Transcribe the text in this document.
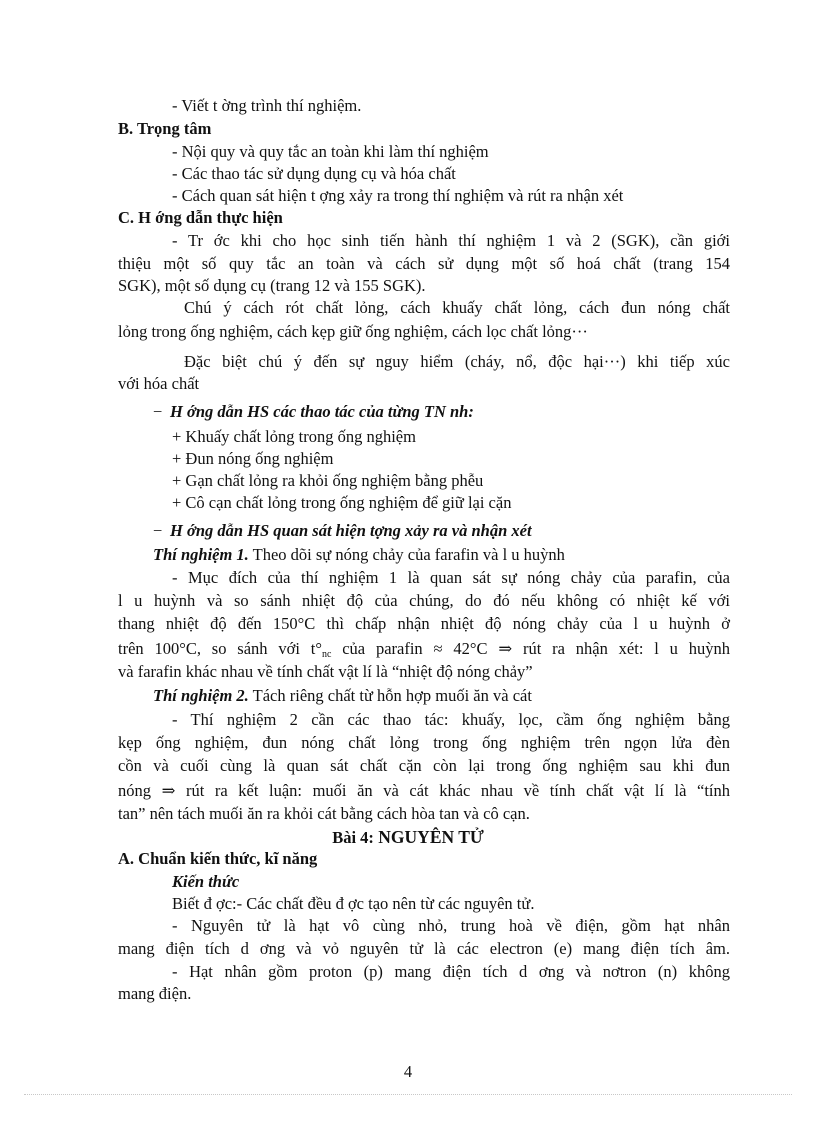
- Viết t ờng trình thí nghiệm.
B. Trọng tâm
- Nội quy và quy tắc an toàn khi làm thí nghiệm
- Các thao tác sử dụng dụng cụ và hóa chất
- Cách quan sát hiện t ợng xảy ra trong thí nghiệm và rút ra nhận xét
C. H ớng dẫn thực hiện
- Tr ớc khi cho học sinh tiến hành thí nghiệm 1 và 2 (SGK), cần giới
thiệu một số quy tắc an toàn và cách sử dụng một số hoá chất (trang 154
SGK), một số dụng cụ (trang 12 và 155 SGK).
Chú ý cách rót chất lỏng, cách khuấy chất lỏng, cách đun nóng chất
lỏng trong ống nghiệm, cách kẹp giữ ống nghiệm, cách lọc chất lỏng···
Đặc biệt chú ý đến sự nguy hiểm (cháy, nổ, độc hại···) khi tiếp xúc
với hóa chất
− H ớng dẫn HS các thao tác của từng TN nh:
+ Khuấy chất lỏng trong ống nghiệm
+ Đun nóng ống nghiệm
+ Gạn chất lỏng ra khỏi ống nghiệm bằng phễu
+ Cô cạn chất lỏng trong ống nghiệm để giữ lại cặn
− H ớng dẫn HS quan sát hiện tợng xảy ra và nhận xét
Thí nghiệm 1. Theo dõi sự nóng chảy của farafin và l u huỳnh
- Mục đích của thí nghiệm 1 là quan sát sự nóng chảy của parafin, của
l u huỳnh và so sánh nhiệt độ của chúng, do đó nếu không có nhiệt kế với
thang nhiệt độ đến 150°C thì chấp nhận nhiệt độ nóng chảy của l u huỳnh ở
trên 100°C, so sánh với t°nc của parafin ≈ 42°C ⇒ rút ra nhận xét: l u huỳnh
và farafin khác nhau về tính chất vật lí là “nhiệt độ nóng chảy”
Thí nghiệm 2. Tách riêng chất từ hỗn hợp muối ăn và cát
- Thí nghiệm 2 cần các thao tác: khuấy, lọc, cầm ống nghiệm bằng
kẹp ống nghiệm, đun nóng chất lỏng trong ống nghiệm trên ngọn lửa đèn
cồn và cuối cùng là quan sát chất cặn còn lại trong ống nghiệm sau khi đun
nóng ⇒ rút ra kết luận: muối ăn và cát khác nhau về tính chất vật lí là “tính
tan” nên tách muối ăn ra khỏi cát bằng cách hòa tan và cô cạn.
Bài 4: NGUYÊN TỬ
A. Chuẩn kiến thức, kĩ năng
Kiến thức
Biết đ ợc:- Các chất đều đ ợc tạo nên từ các nguyên tử.
- Nguyên tử là hạt vô cùng nhỏ, trung hoà về điện, gồm hạt nhân
mang điện tích d ơng và vỏ nguyên tử là các electron (e) mang điện tích âm.
- Hạt nhân gồm proton (p) mang điện tích d ơng và nơtron (n) không
mang điện.
4
